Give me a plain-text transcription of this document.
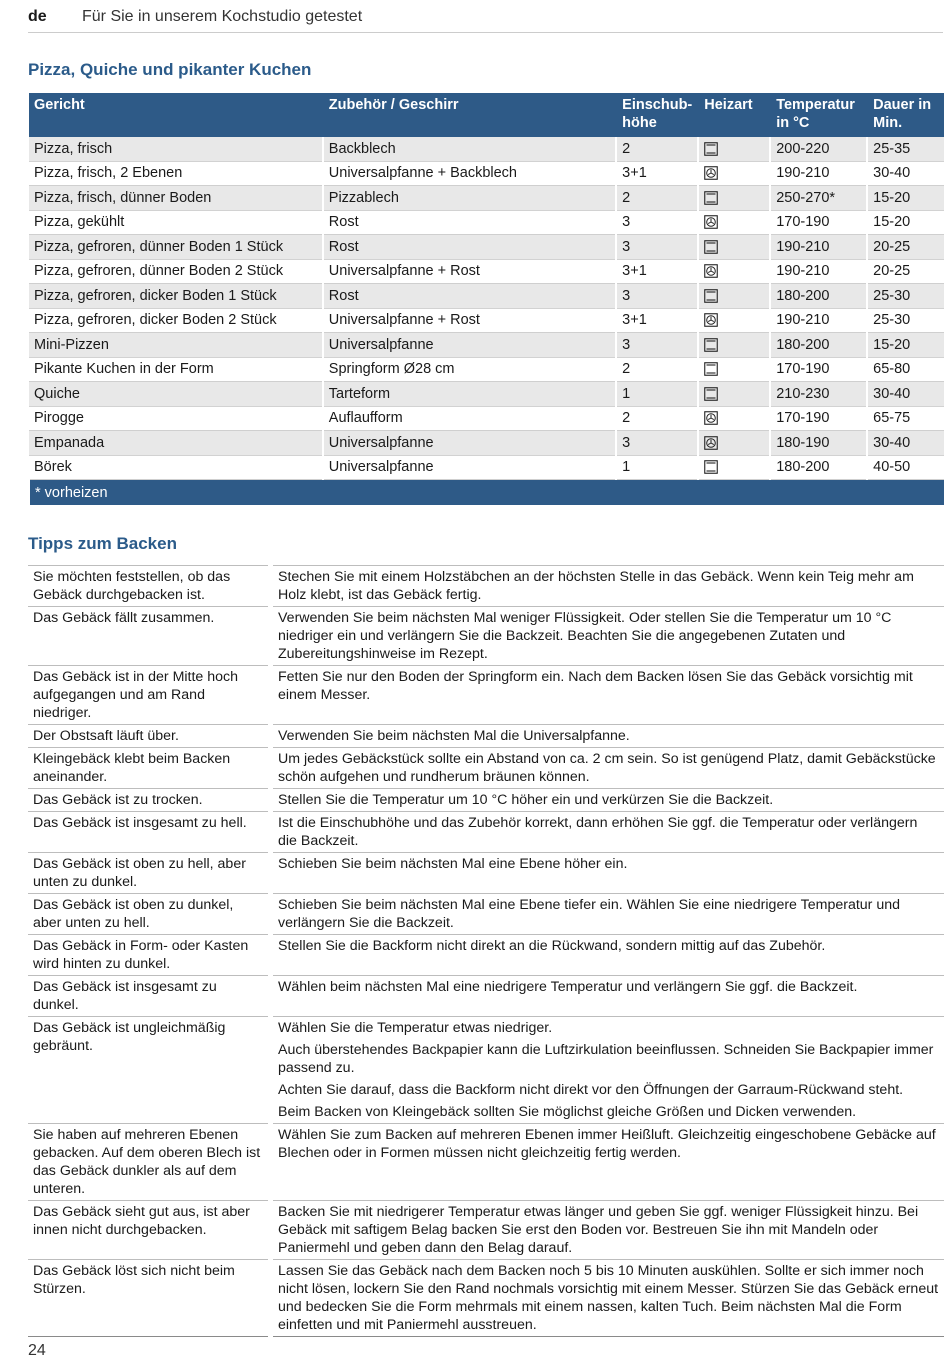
de Für Sie in unserem Kochstudio getestet
Pizza, Quiche und pikanter Kuchen
Gericht	Zubehör / Geschirr	Einschub- höhe	Heizart	Temperatur in °C	Dauer in Min.
Pizza, frisch	Backblech	2		200-220	25-35
Pizza, frisch, 2 Ebenen	Universalpfanne + Backblech	3+1		190-210	30-40
Pizza, frisch, dünner Boden	Pizzablech	2		250-270*	15-20
Pizza, gekühlt	Rost	3		170-190	15-20
Pizza, gefroren, dünner Boden 1 Stück	Rost	3		190-210	20-25
Pizza, gefroren, dünner Boden 2 Stück	Universalpfanne + Rost	3+1		190-210	20-25
Pizza, gefroren, dicker Boden 1 Stück	Rost	3		180-200	25-30
Pizza, gefroren, dicker Boden 2 Stück	Universalpfanne + Rost	3+1		190-210	25-30
Mini-Pizzen	Universalpfanne	3		180-200	15-20
Pikante Kuchen in der Form	Springform Ø28 cm	2		170-190	65-80
Quiche	Tarteform	1		210-230	30-40
Pirogge	Auflaufform	2		170-190	65-75
Empanada	Universalpfanne	3		180-190	30-40
Börek	Universalpfanne	1		180-200	40-50
* vorheizen					
Tipps zum Backen
Sie möchten feststellen, ob das Gebäck durchgebacken ist.	Stechen Sie mit einem Holzstäbchen an der höchsten Stelle in das Gebäck. Wenn kein Teig mehr am Holz klebt, ist das Gebäck fertig.

Das Gebäck fällt zusammen.	Verwenden Sie beim nächsten Mal weniger Flüssigkeit. Oder stellen Sie die Temperatur um 10 °C niedriger ein und verlängern Sie die Backzeit. Beachten Sie die angegebenen Zutaten und Zubereitungshinweise im Rezept.

Das Gebäck ist in der Mitte hoch aufgegangen und am Rand niedriger.	Fetten Sie nur den Boden der Springform ein. Nach dem Backen lösen Sie das Gebäck vorsichtig mit einem Messer.

Der Obstsaft läuft über.	Verwenden Sie beim nächsten Mal die Universalpfanne.

Kleingebäck klebt beim Backen aneinander.	Um jedes Gebäckstück sollte ein Abstand von ca. 2 cm sein. So ist genügend Platz, damit Gebäckstücke schön aufgehen und rundherum bräunen können.

Das Gebäck ist zu trocken.	Stellen Sie die Temperatur um 10 °C höher ein und verkürzen Sie die Backzeit.

Das Gebäck ist insgesamt zu hell.	Ist die Einschubhöhe und das Zubehör korrekt, dann erhöhen Sie ggf. die Temperatur oder verlängern die Backzeit.

Das Gebäck ist oben zu hell, aber unten zu dunkel.	Schieben Sie beim nächsten Mal eine Ebene höher ein.

Das Gebäck ist oben zu dunkel, aber unten zu hell.	Schieben Sie beim nächsten Mal eine Ebene tiefer ein. Wählen Sie eine niedrigere Temperatur und verlängern Sie die Backzeit.

Das Gebäck in Form- oder Kasten wird hinten zu dunkel.	Stellen Sie die Backform nicht direkt an die Rückwand, sondern mittig auf das Zubehör.

Das Gebäck ist insgesamt zu dunkel.	Wählen beim nächsten Mal eine niedrigere Temperatur und verlängern Sie ggf. die Backzeit.

Das Gebäck ist ungleichmäßig gebräunt.	Wählen Sie die Temperatur etwas niedriger.

Auch überstehendes Backpapier kann die Luftzirkulation beeinflussen. Schneiden Sie Backpapier immer passend zu.

Achten Sie darauf, dass die Backform nicht direkt vor den Öffnungen der Garraum-Rückwand steht.

Beim Backen von Kleingebäck sollten Sie möglichst gleiche Größen und Dicken verwenden.

Sie haben auf mehreren Ebenen gebacken. Auf dem oberen Blech ist das Gebäck dunkler als auf dem unteren.	Wählen Sie zum Backen auf mehreren Ebenen immer Heißluft. Gleichzeitig eingeschobene Gebäcke auf Blechen oder in Formen müssen nicht gleichzeitig fertig werden.

Das Gebäck sieht gut aus, ist aber innen nicht durchgebacken.	Backen Sie mit niedrigerer Temperatur etwas länger und geben Sie ggf. weniger Flüssigkeit hinzu. Bei Gebäck mit saftigem Belag backen Sie erst den Boden vor. Bestreuen Sie ihn mit Mandeln oder Paniermehl und geben dann den Belag darauf.

Das Gebäck löst sich nicht beim Stürzen.	Lassen Sie das Gebäck nach dem Backen noch 5 bis 10 Minuten auskühlen. Sollte er sich immer noch nicht lösen, lockern Sie den Rand nochmals vorsichtig mit einem Messer. Stürzen Sie das Gebäck erneut und bedecken Sie die Form mehrmals mit einem nassen, kalten Tuch. Beim nächsten Mal die Form einfetten und mit Paniermehl ausstreuen.

24
